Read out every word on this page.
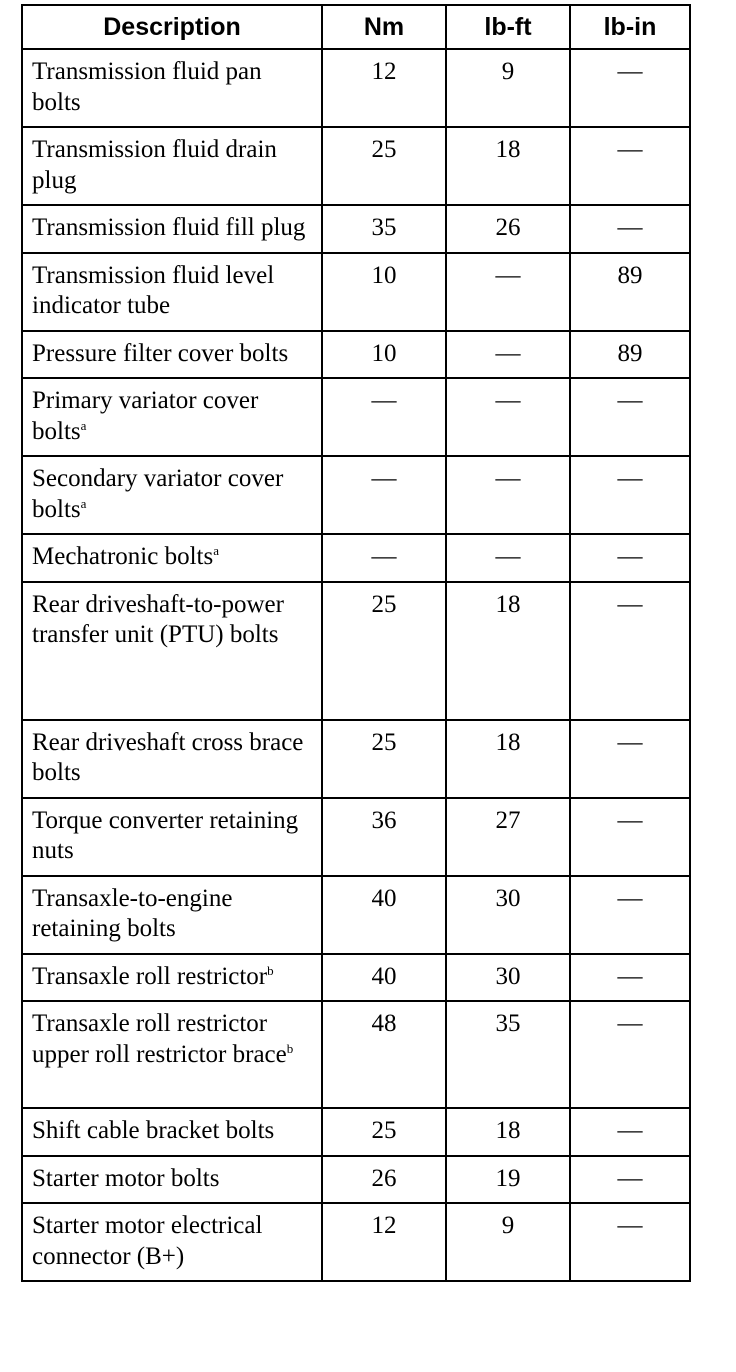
Description	Nm	lb-ft	lb-in
Transmission fluid pan bolts	12	9	—
Transmission fluid drain plug	25	18	—
Transmission fluid fill plug	35	26	—
Transmission fluid level indicator tube	10	—	89
Pressure filter cover bolts	10	—	89
Primary variator cover bolts$^a$	—	—	—
Secondary variator cover bolts$^a$	—	—	—
Mechatronic bolts$^a$	—	—	—
Rear driveshaft-to-power transfer unit (PTU) bolts	25	18	—
Rear driveshaft cross brace bolts	25	18	—
Torque converter retaining nuts	36	27	—
Transaxle-to-engine retaining bolts	40	30	—
Transaxle roll restrictor$^b$	40	30	—
Transaxle roll restrictor upper roll restrictor brace$^b$	48	35	—
Shift cable bracket bolts	25	18	—
Starter motor bolts	26	19	—
Starter motor electrical connector (B+)	12	9	—
